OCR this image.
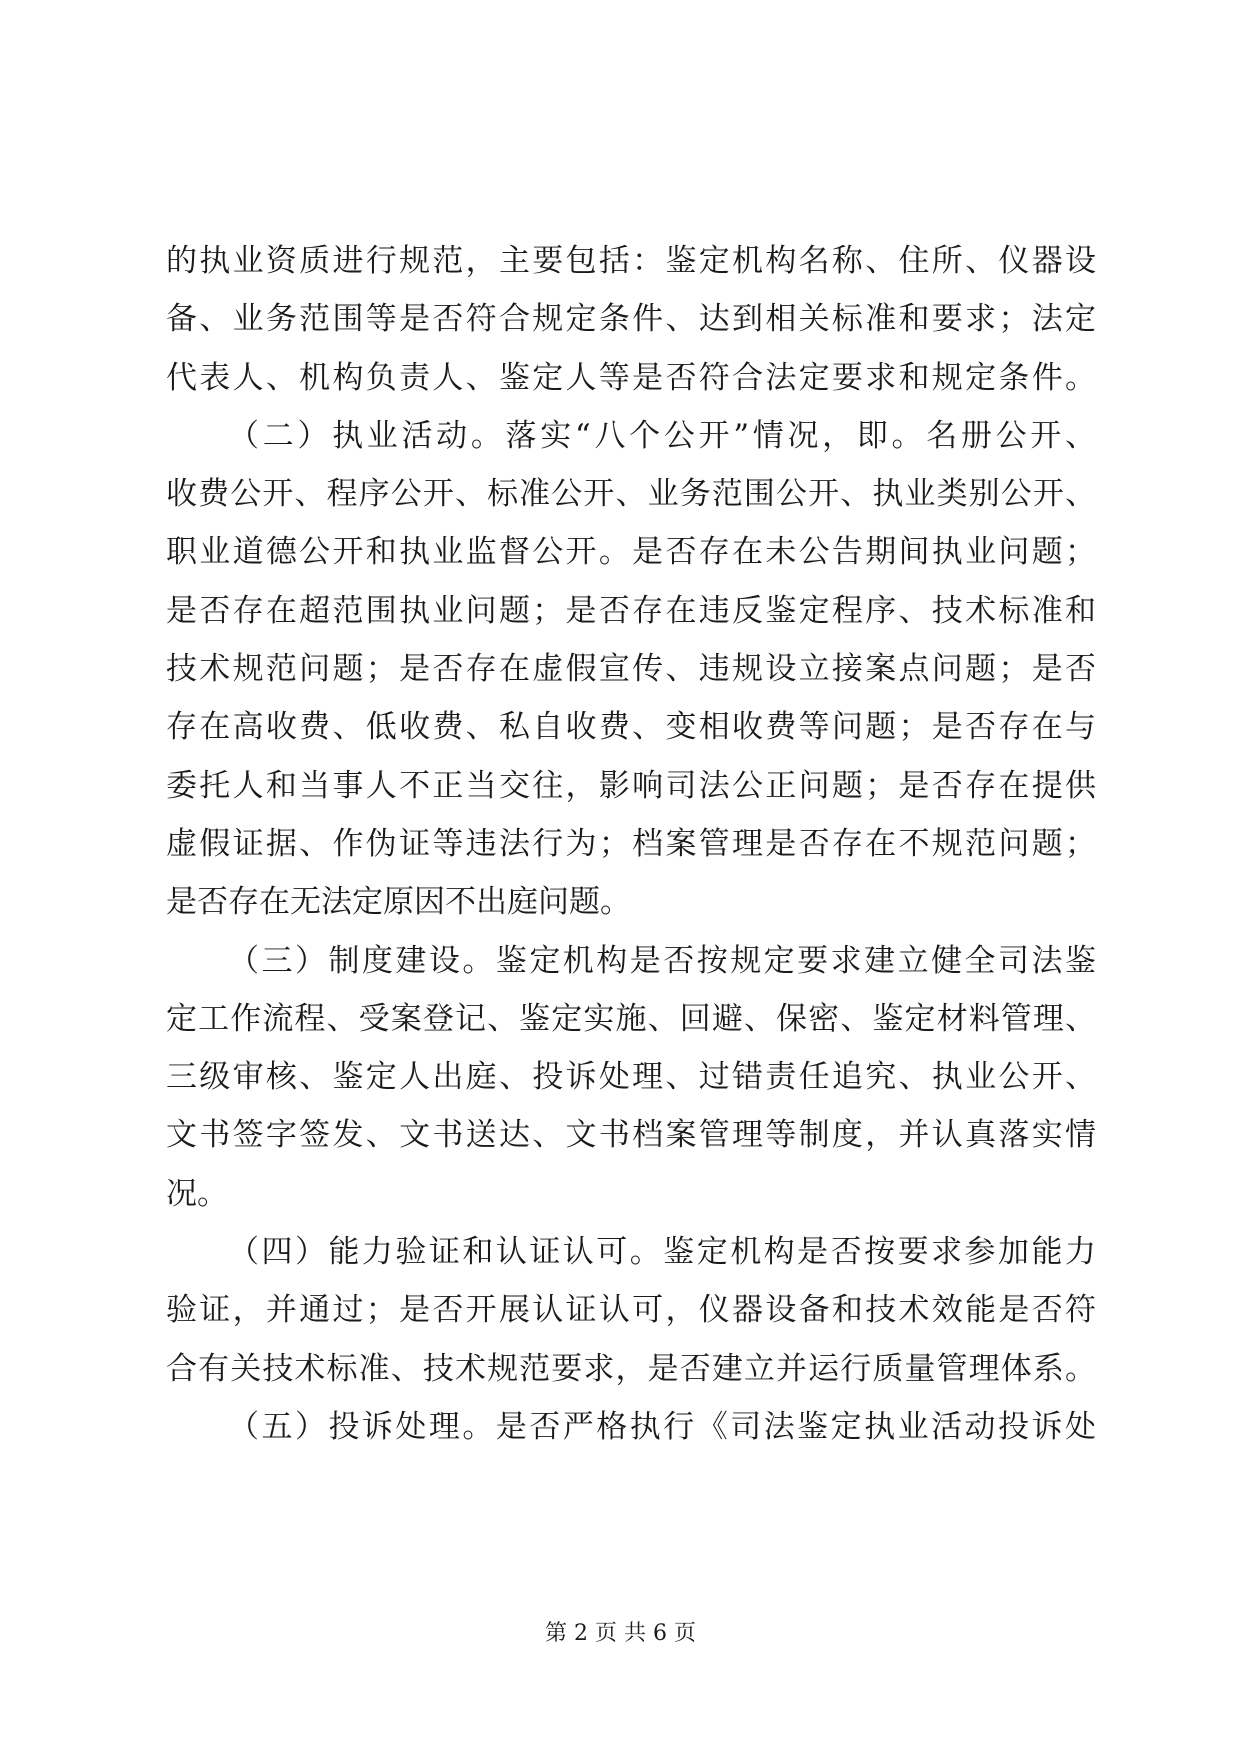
的执业资质进行规范，主要包括：鉴定机构名称、住所、仪器设
备、业务范围等是否符合规定条件、达到相关标准和要求；法定
代表人、机构负责人、鉴定人等是否符合法定要求和规定条件。
（二）执业活动。落实“八个公开”情况，即。名册公开、
收费公开、程序公开、标准公开、业务范围公开、执业类别公开、
职业道德公开和执业监督公开。是否存在未公告期间执业问题；
是否存在超范围执业问题；是否存在违反鉴定程序、技术标准和
技术规范问题；是否存在虚假宣传、违规设立接案点问题；是否
存在高收费、低收费、私自收费、变相收费等问题；是否存在与
委托人和当事人不正当交往，影响司法公正问题；是否存在提供
虚假证据、作伪证等违法行为；档案管理是否存在不规范问题；
是否存在无法定原因不出庭问题。
（三）制度建设。鉴定机构是否按规定要求建立健全司法鉴
定工作流程、受案登记、鉴定实施、回避、保密、鉴定材料管理、
三级审核、鉴定人出庭、投诉处理、过错责任追究、执业公开、
文书签字签发、文书送达、文书档案管理等制度，并认真落实情
况。
（四）能力验证和认证认可。鉴定机构是否按要求参加能力
验证，并通过；是否开展认证认可，仪器设备和技术效能是否符
合有关技术标准、技术规范要求，是否建立并运行质量管理体系。
（五）投诉处理。是否严格执行《司法鉴定执业活动投诉处
第 2 页 共 6 页
